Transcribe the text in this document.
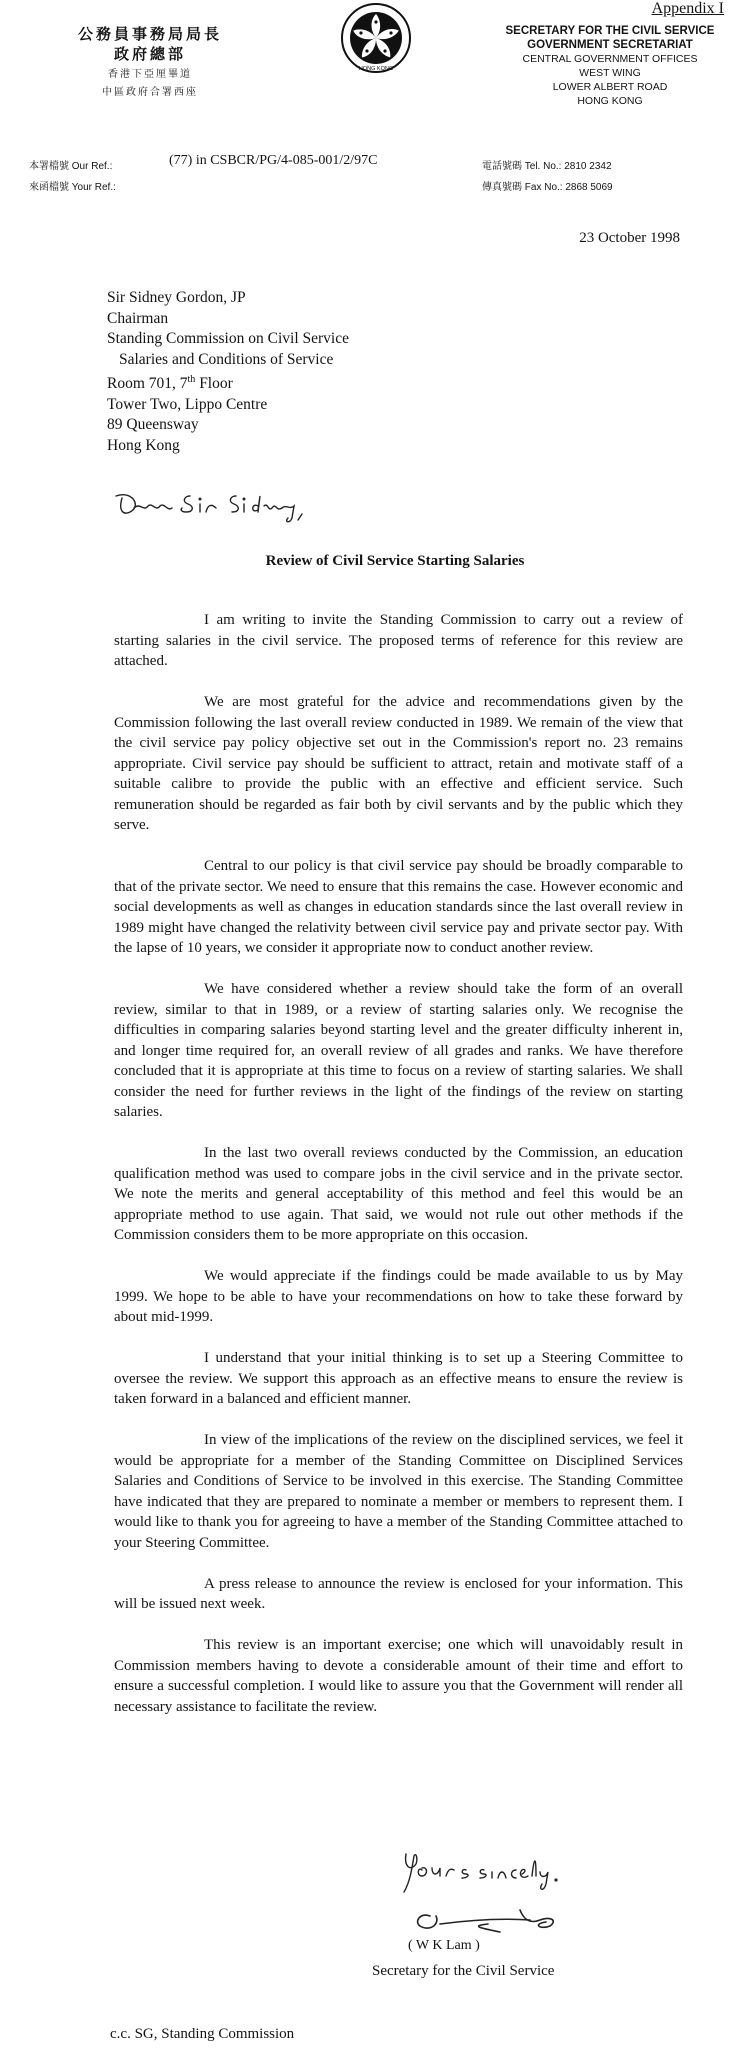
Appendix I
公務員事務局局長
政府總部
香港下亞厘畢道
中區政府合署西座
HONG KONG
SECRETARY FOR THE CIVIL SERVICE
GOVERNMENT SECRETARIAT
CENTRAL GOVERNMENT OFFICES
WEST WING
LOWER ALBERT ROAD
HONG KONG
本署檔號 Our Ref.:	(77) in CSBCR/PG/4-085-001/2/97C
來函檔號 Your Ref.:
電話號碼 Tel. No.: 2810 2342
傳真號碼 Fax No.: 2868 5069
23 October 1998
Sir Sidney Gordon, JP
Chairman
Standing Commission on Civil Service
Salaries and Conditions of Service
Room 701, 7th Floor
Tower Two, Lippo Centre
89 Queensway
Hong Kong
Review of Civil Service Starting Salaries

I am writing to invite the Standing Commission to carry out a review of starting salaries in the civil service. The proposed terms of reference for this review are attached.

We are most grateful for the advice and recommendations given by the Commission following the last overall review conducted in 1989. We remain of the view that the civil service pay policy objective set out in the Commission's report no. 23 remains appropriate. Civil service pay should be sufficient to attract, retain and motivate staff of a suitable calibre to provide the public with an effective and efficient service. Such remuneration should be regarded as fair both by civil servants and by the public which they serve.

Central to our policy is that civil service pay should be broadly comparable to that of the private sector. We need to ensure that this remains the case. However economic and social developments as well as changes in education standards since the last overall review in 1989 might have changed the relativity between civil service pay and private sector pay. With the lapse of 10 years, we consider it appropriate now to conduct another review.

We have considered whether a review should take the form of an overall review, similar to that in 1989, or a review of starting salaries only. We recognise the difficulties in comparing salaries beyond starting level and the greater difficulty inherent in, and longer time required for, an overall review of all grades and ranks. We have therefore concluded that it is appropriate at this time to focus on a review of starting salaries. We shall consider the need for further reviews in the light of the findings of the review on starting salaries.

In the last two overall reviews conducted by the Commission, an education qualification method was used to compare jobs in the civil service and in the private sector. We note the merits and general acceptability of this method and feel this would be an appropriate method to use again. That said, we would not rule out other methods if the Commission considers them to be more appropriate on this occasion.

We would appreciate if the findings could be made available to us by May 1999. We hope to be able to have your recommendations on how to take these forward by about mid-1999.

I understand that your initial thinking is to set up a Steering Committee to oversee the review. We support this approach as an effective means to ensure the review is taken forward in a balanced and efficient manner.

In view of the implications of the review on the disciplined services, we feel it would be appropriate for a member of the Standing Committee on Disciplined Services Salaries and Conditions of Service to be involved in this exercise. The Standing Committee have indicated that they are prepared to nominate a member or members to represent them. I would like to thank you for agreeing to have a member of the Standing Committee attached to your Steering Committee.

A press release to announce the review is enclosed for your information. This will be issued next week.

This review is an important exercise; one which will unavoidably result in Commission members having to devote a considerable amount of their time and effort to ensure a successful completion. I would like to assure you that the Government will render all necessary assistance to facilitate the review.

( W K Lam )
Secretary for the Civil Service
c.c. SG, Standing Commission
